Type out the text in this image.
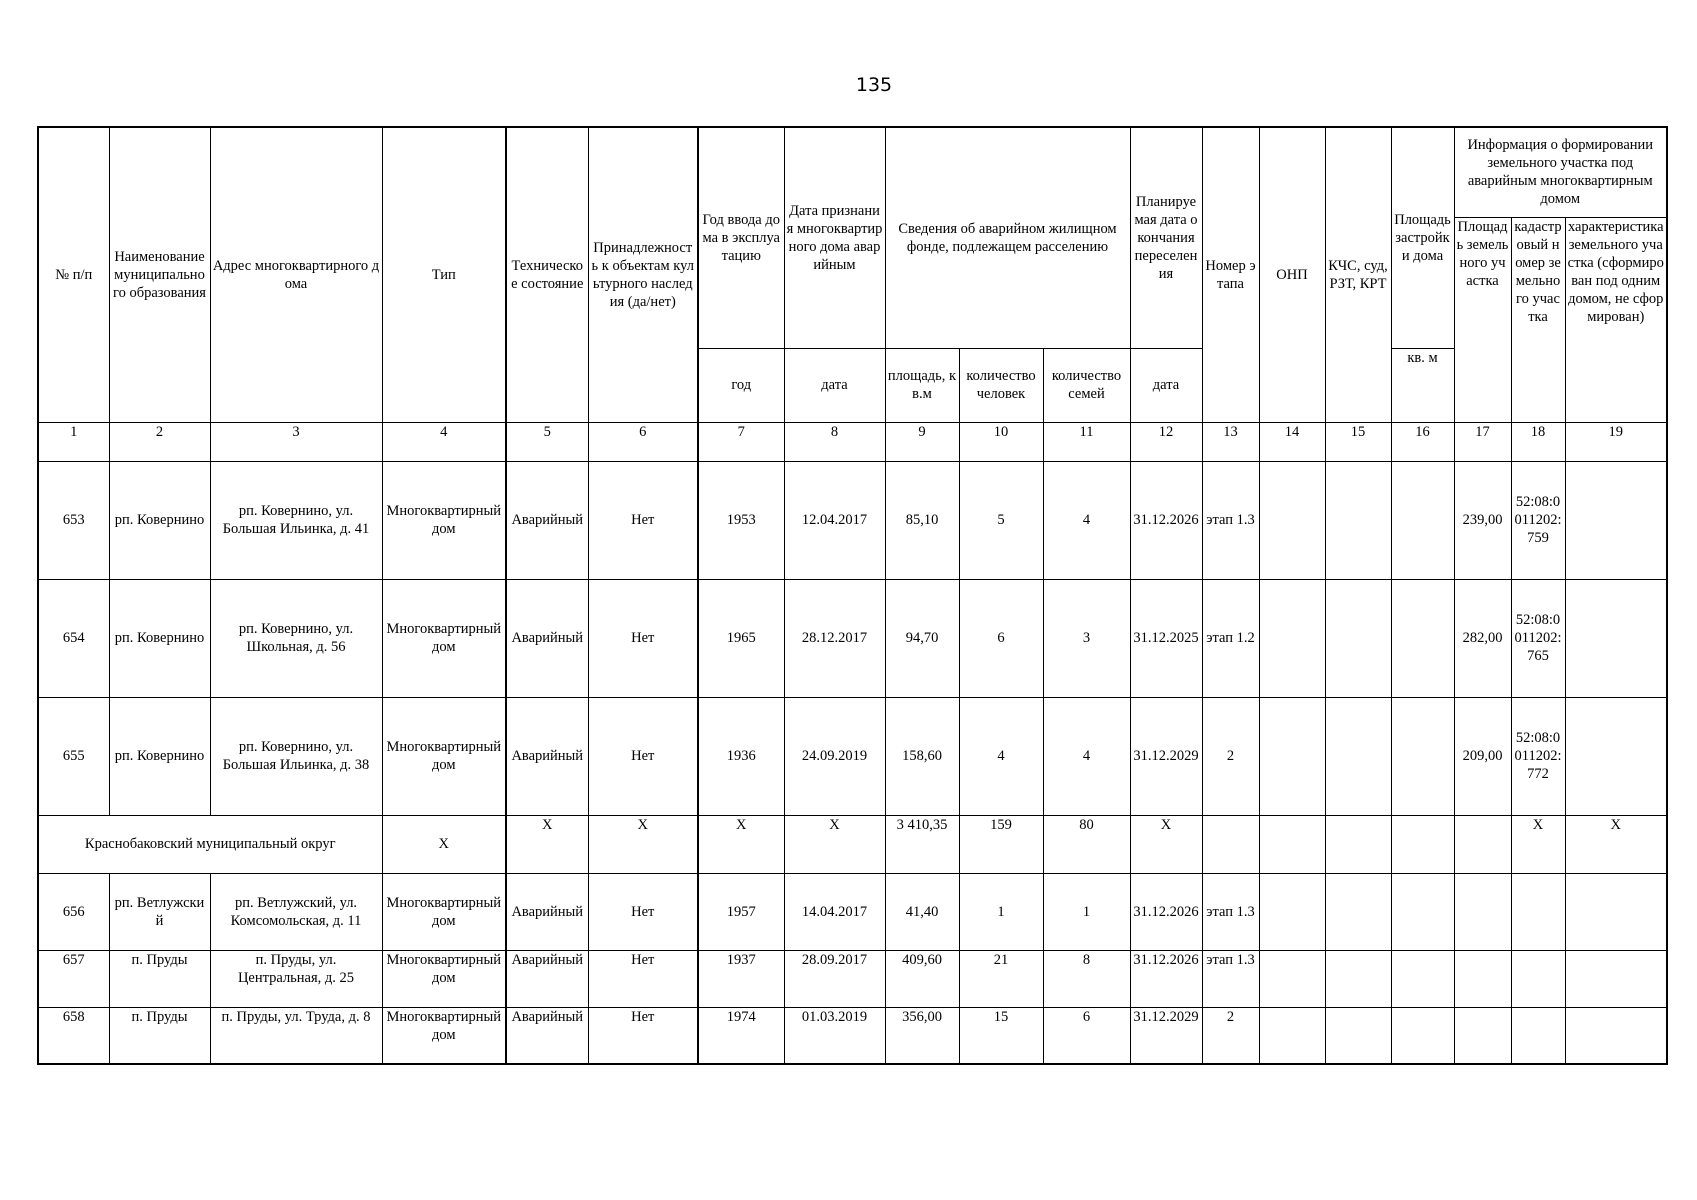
135
№ п/п	Наименование муниципального образования	Адрес многоквартирного дома	Тип	Техническое состояние	Принадлежность к объектам культурного наследия (да/нет)	Год ввода дома в эксплуатацию	Дата признания многоквартирного дома аварийным	Сведения об аварийном жилищном фонде, подлежащем расселению			Планируемая дата окончания переселения	Номер этапа	ОНП	КЧС, суд, РЗТ, КРТ	Площадь застройки дома	Информация о формировании земельного участка под аварийным многоквартирным домом		
																Площадь земельного участка	кадастровый номер земельного участка	характеристика земельного участка (сформирован под одним домом, не сформирован)
						год	дата	площадь, кв.м	количество человек	количество семей	дата				кв. м			
1	2	3	4	5	6	7	8	9	10	11	12	13	14	15	16	17	18	19
653	рп. Ковернино	рп. Ковернино, ул. Большая Ильинка, д. 41	Многоквартирный дом	Аварийный	Нет	1953	12.04.2017	85,10	5	4	31.12.2026	этап 1.3				239,00	52:08:0011202:759	
654	рп. Ковернино	рп. Ковернино, ул. Школьная, д. 56	Многоквартирный дом	Аварийный	Нет	1965	28.12.2017	94,70	6	3	31.12.2025	этап 1.2				282,00	52:08:0011202:765	
655	рп. Ковернино	рп. Ковернино, ул. Большая Ильинка, д. 38	Многоквартирный дом	Аварийный	Нет	1936	24.09.2019	158,60	4	4	31.12.2029	2				209,00	52:08:0011202:772	
Краснобаковский муниципальный округ			X	X	X	X	X	3 410,35	159	80	X						X	X
656	рп. Ветлужский	рп. Ветлужский, ул. Комсомольская, д. 11	Многоквартирный дом	Аварийный	Нет	1957	14.04.2017	41,40	1	1	31.12.2026	этап 1.3						
657	п. Пруды	п. Пруды, ул. Центральная, д. 25	Многоквартирный дом	Аварийный	Нет	1937	28.09.2017	409,60	21	8	31.12.2026	этап 1.3						
658	п. Пруды	п. Пруды, ул. Труда, д. 8	Многоквартирный дом	Аварийный	Нет	1974	01.03.2019	356,00	15	6	31.12.2029	2						
